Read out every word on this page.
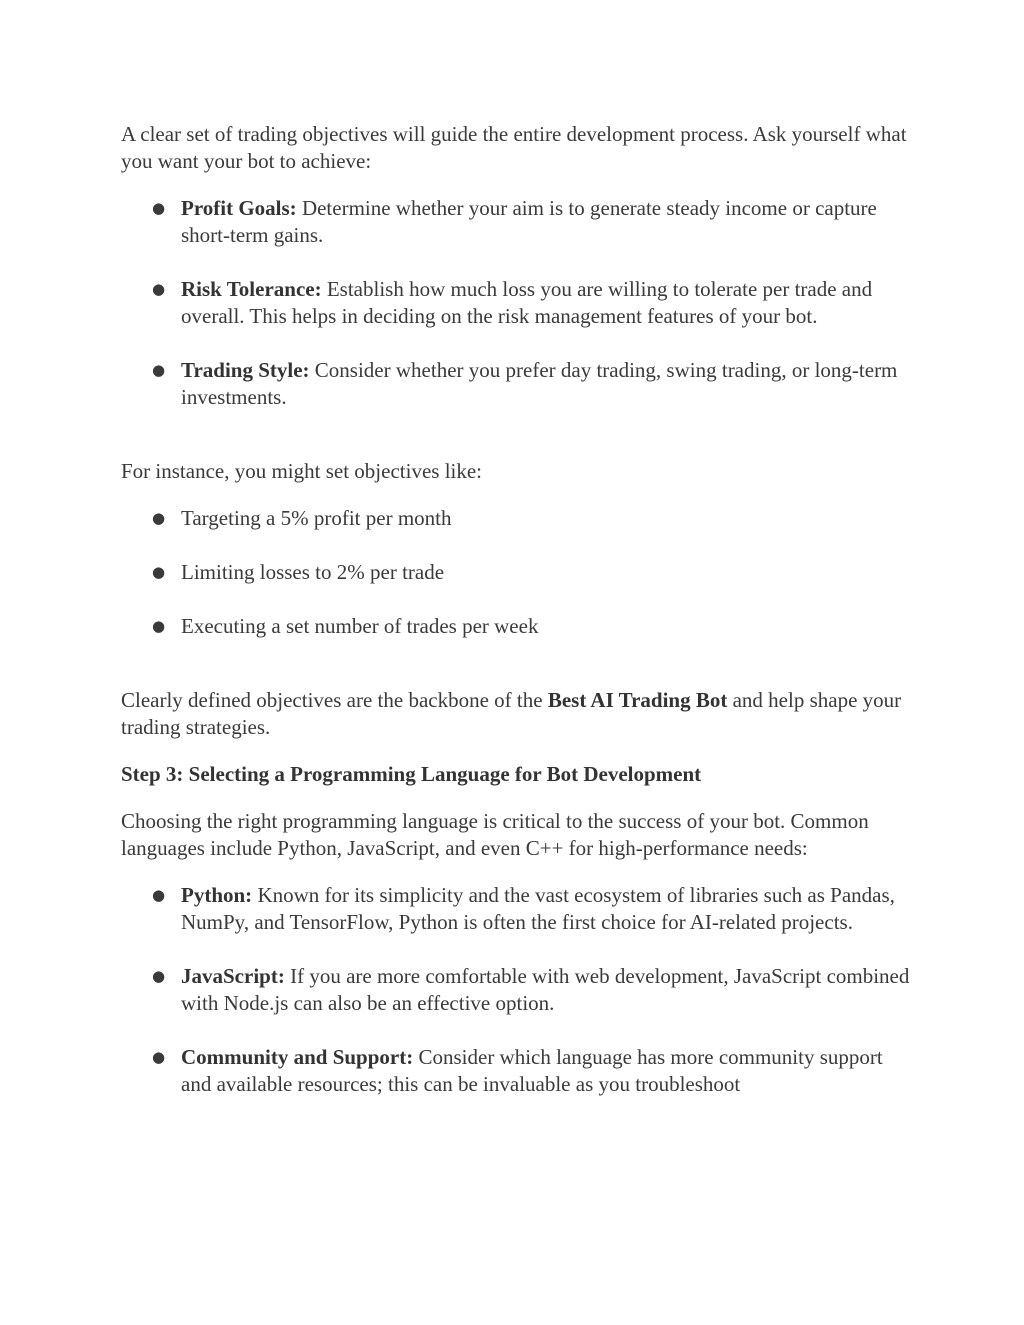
A clear set of trading objectives will guide the entire development process. Ask yourself what you want your bot to achieve:

● Profit Goals: Determine whether your aim is to generate steady income or capture short-term gains.
● Risk Tolerance: Establish how much loss you are willing to tolerate per trade and overall. This helps in deciding on the risk management features of your bot.
● Trading Style: Consider whether you prefer day trading, swing trading, or long-term investments.

For instance, you might set objectives like:

● Targeting a 5% profit per month
● Limiting losses to 2% per trade
● Executing a set number of trades per week

Clearly defined objectives are the backbone of the Best AI Trading Bot and help shape your trading strategies.

Step 3: Selecting a Programming Language for Bot Development

Choosing the right programming language is critical to the success of your bot. Common languages include Python, JavaScript, and even C++ for high-performance needs:

● Python: Known for its simplicity and the vast ecosystem of libraries such as Pandas, NumPy, and TensorFlow, Python is often the first choice for AI-related projects.
● JavaScript: If you are more comfortable with web development, JavaScript combined with Node.js can also be an effective option.
● Community and Support: Consider which language has more community support and available resources; this can be invaluable as you troubleshoot
